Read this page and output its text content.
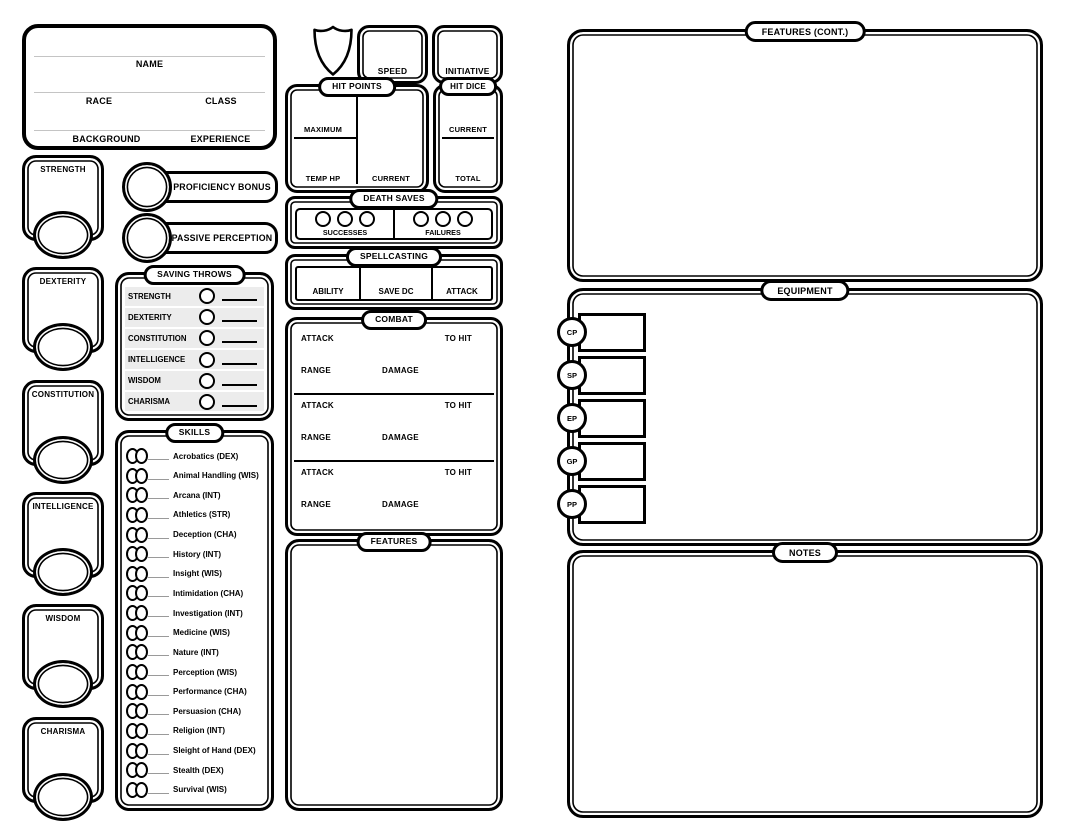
NAME
RACE	CLASS
BACKGROUND	EXPERIENCE
STRENGTH
DEXTERITY
CONSTITUTION
INTELLIGENCE
WISDOM
CHARISMA
PROFICIENCY BONUS
PASSIVE PERCEPTION
SAVING THROWS
STRENGTH
DEXTERITY
CONSTITUTION
INTELLIGENCE
WISDOM
CHARISMA
SKILLS
Acrobatics (DEX)
Animal Handling (WIS)
Arcana (INT)
Athletics (STR)
Deception (CHA)
History (INT)
Insight (WIS)
Intimidation (CHA)
Investigation (INT)
Medicine (WIS)
Nature (INT)
Perception (WIS)
Performance (CHA)
Persuasion (CHA)
Religion (INT)
Sleight of Hand (DEX)
Stealth (DEX)
Survival (WIS)
SPEED	INITIATIVE
HIT POINTS
MAXIMUM
TEMP HP	CURRENT
HIT DICE
CURRENT
TOTAL
DEATH SAVES
SUCCESSES	FAILURES
SPELLCASTING
ABILITY	SAVE DC	ATTACK
COMBAT
ATTACK	TO HIT
RANGE	DAMAGE
ATTACK	TO HIT
RANGE	DAMAGE
ATTACK	TO HIT
RANGE	DAMAGE
FEATURES
FEATURES (CONT.)
EQUIPMENT
CP
SP
EP
GP
PP
NOTES
